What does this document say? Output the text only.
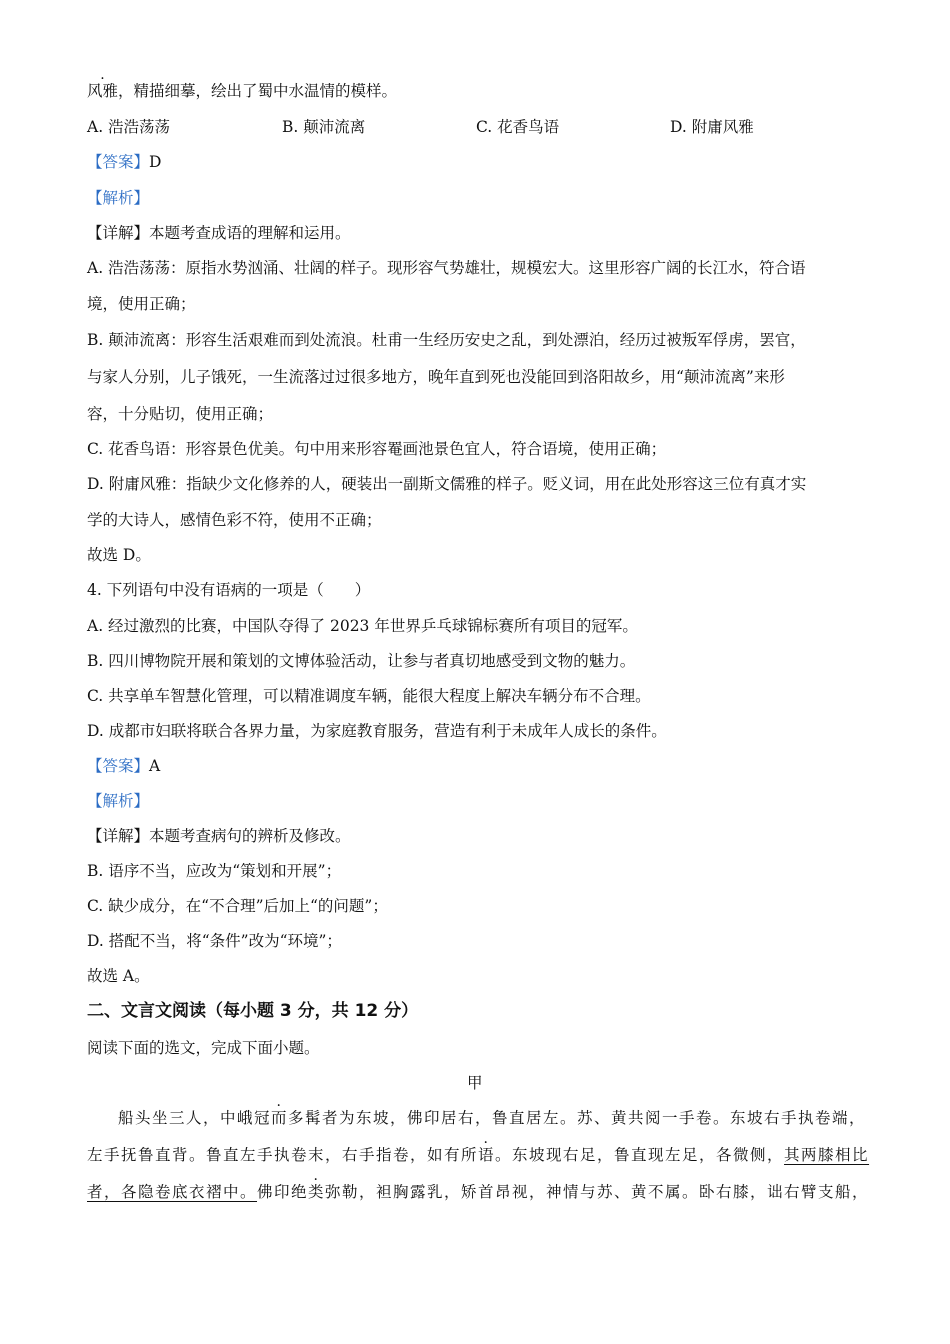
风雅，精描细摹，绘出了蜀中水温情的模样。
A. 浩浩荡荡	B. 颠沛流离	C. 花香鸟语	D. 附庸风雅
【答案】D
【解析】
【详解】本题考查成语的理解和运用。
A. 浩浩荡荡：原指水势汹涌、壮阔的样子。现形容气势雄壮，规模宏大。这里形容广阔的长江水，符合语
境，使用正确；
B. 颠沛流离：形容生活艰难而到处流浪。杜甫一生经历安史之乱，到处漂泊，经历过被叛军俘虏，罢官，
与家人分别，儿子饿死，一生流落过过很多地方，晚年直到死也没能回到洛阳故乡，用“颠沛流离”来形
容，十分贴切，使用正确；
C. 花香鸟语：形容景色优美。句中用来形容罨画池景色宜人，符合语境，使用正确；
D. 附庸风雅：指缺少文化修养的人，硬装出一副斯文儒雅的样子。贬义词，用在此处形容这三位有真才实
学的大诗人，感情色彩不符，使用不正确；
故选 D。
4. 下列语句中没有语病的一项是（　　）
A. 经过激烈的比赛，中国队夺得了 2023 年世界乒乓球锦标赛所有项目的冠军。
B. 四川博物院开展和策划的文博体验活动，让参与者真切地感受到文物的魅力。
C. 共享单车智慧化管理，可以精准调度车辆，能很大程度上解决车辆分布不合理。
D. 成都市妇联将联合各界力量，为家庭教育服务，营造有利于未成年人成长的条件。
【答案】A
【解析】
【详解】本题考查病句的辨析及修改。
B. 语序不当，应改为“策划和开展”；
C. 缺少成分，在“不合理”后加上“的问题”；
D. 搭配不当，将“条件”改为“环境”；
故选 A。
二、文言文阅读（每小题 3 分，共 12 分）
阅读下面的选文，完成下面小题。
甲
船头坐三人，中峨冠而多髯者为东坡，佛印居右，鲁直居左。苏、黄共阅一手卷。东坡右手执卷端，
左手抚鲁直背。鲁直左手执卷末，右手指卷，如有所语。东坡现右足，鲁直现左足，各微侧，其两膝相比
者，各隐卷底衣褶中。佛印绝类弥勒，袒胸露乳，矫首昂视，神情与苏、黄不属。卧右膝，诎右臂支船，
